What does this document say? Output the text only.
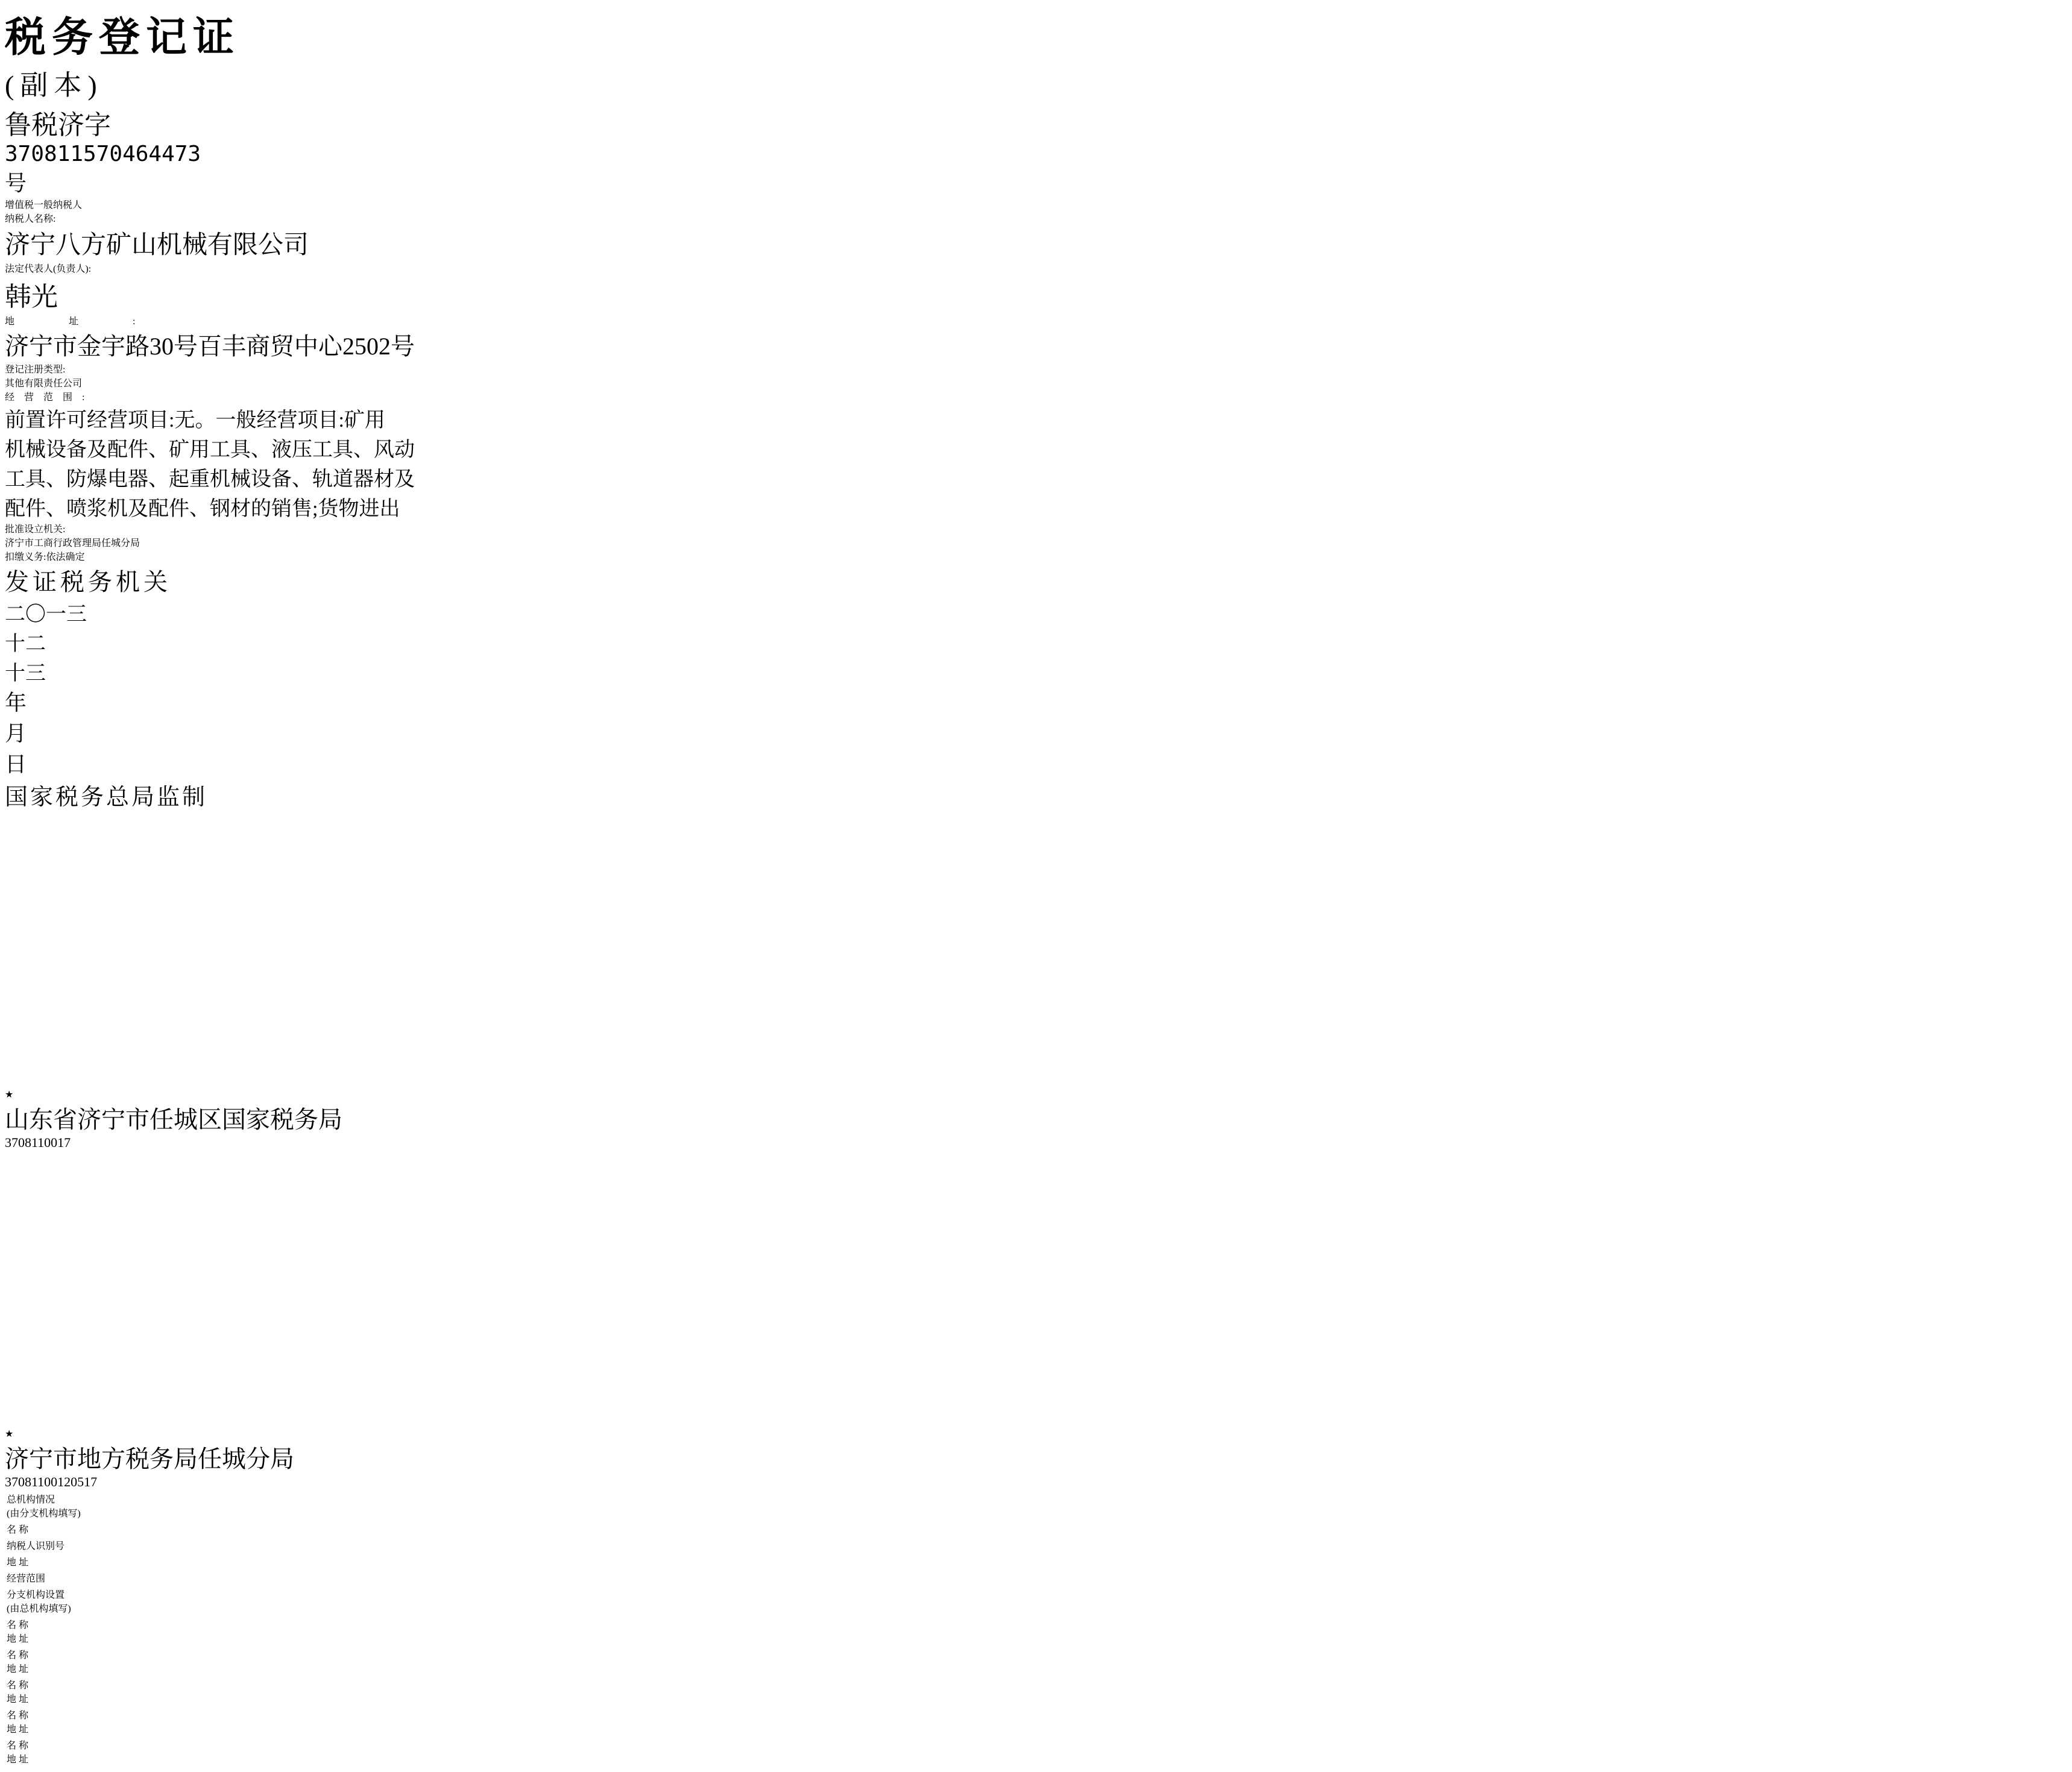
税务登记证
(副本)
鲁税济字
370811570464473
号
增值税一般纳税人
纳税人名称:
济宁八方矿山机械有限公司
法定代表人(负责人):
韩光
地址:
济宁市金宇路30号百丰商贸中心2502号
登记注册类型:
其他有限责任公司
经营范围:
前置许可经营项目:无。一般经营项目:矿用
机械设备及配件、矿用工具、液压工具、风动
工具、防爆电器、起重机械设备、轨道器材及
配件、喷浆机及配件、钢材的销售;货物进出
批准设立机关:
济宁市工商行政管理局任城分局
扣缴义务:依法确定
发证税务机关
二〇一三
十二
十三
年
月
日
国家税务总局监制
★
山东省济宁市任城区国家税务局
3708110017
★
济宁市地方税务局任城分局
37081100120517
总机构情况
(由分支机构填写)	

名 称	
纳税人识别号	
地 址	
经营范围	

分支机构设置
(由总机构填写)	

名 称
地 址	

名 称
地 址	

名 称
地 址	

名 称
地 址	

名 称
地 址	
